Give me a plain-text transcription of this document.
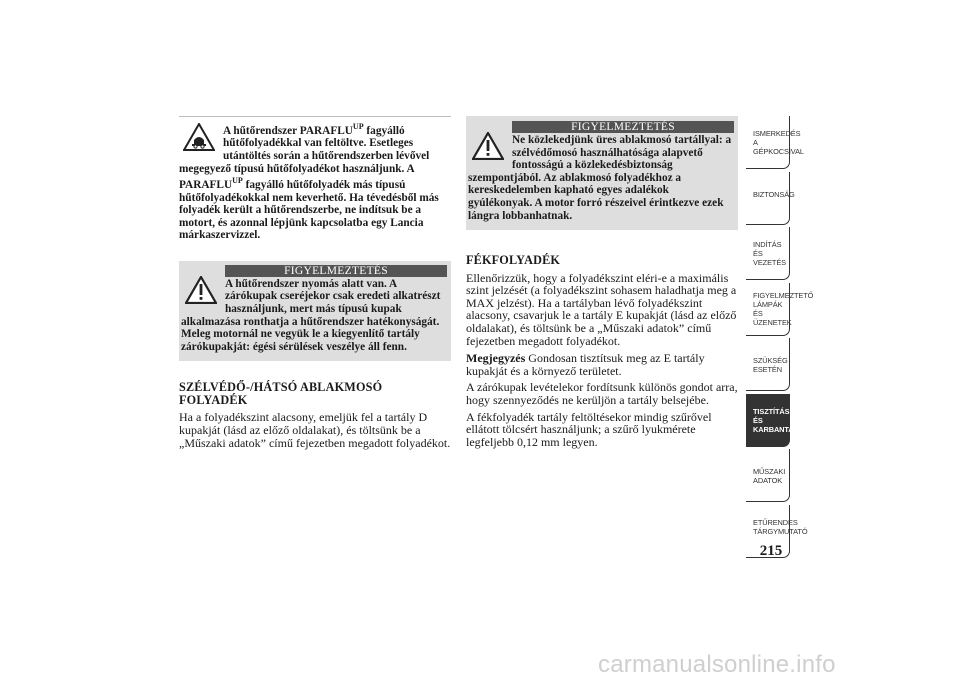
A hűtőrendszer $PARAFLU^{UP}$ fagyálló hűtőfolyadékkal van feltöltve. Esetleges utántöltés során a hűtőrendszerben lévővel megegyező típusú hűtőfolyadékot használjunk. A $PARAFLU^{UP}$ fagyálló hűtőfolyadék más típusú hűtőfolyadékokkal nem keverhető. Ha tévedésből más folyadék került a hűtőrendszerbe, ne indítsuk be a motort, és azonnal lépjünk kapcsolatba egy Lancia márkaszervizzel.
FIGYELMEZTETÉS
A hűtőrendszer nyomás alatt van. A zárókupak cseréjekor csak eredeti alkatrészt használjunk, mert más típusú kupak alkalmazása ronthatja a hűtőrendszer hatékonyságát. Meleg motornál ne vegyük le a kiegyenlítő tartály zárókupakját: égési sérülések veszélye áll fenn.
SZÉLVÉDŐ-/HÁTSÓ ABLAKMOSÓ FOLYADÉK
Ha a folyadékszint alacsony, emeljük fel a tartály D kupakját (lásd az előző oldalakat), és töltsünk be a „Műszaki adatok” című fejezetben megadott folyadékot.
FIGYELMEZTETÉS
Ne közlekedjünk üres ablakmosó tartállyal: a szélvédőmosó használhatósága alapvető fontosságú a közlekedésbiztonság szempontjából. Az ablakmosó folyadékhoz a kereskedelemben kapható egyes adalékok gyúlékonyak. A motor forró részeivel érintkezve ezek lángra lobbanhatnak.
FÉKFOLYADÉK
Ellenőrizzük, hogy a folyadékszint eléri-e a maximális szint jelzését (a folyadékszint sohasem haladhatja meg a MAX jelzést). Ha a tartályban lévő folyadékszint alacsony, csavarjuk le a tartály E kupakját (lásd az előző oldalakat), és töltsünk be a „Műszaki adatok” című fejezetben megadott folyadékot.
Megjegyzés Gondosan tisztítsuk meg az E tartály kupakját és a környező területet.
A zárókupak levételekor fordítsunk különös gondot arra, hogy szennyeződés ne kerüljön a tartály belsejébe.
A fékfolyadék tartály feltöltésekor mindig szűrővel ellátott tölcsért használjunk; a szűrő lyukmérete legfeljebb 0,12 mm legyen.
ISMERKEDÉS A
GÉPKOCSIVAL
BIZTONSÁG
INDÍTÁS ÉS
VEZETÉS
FIGYELMEZTETŐ
LÁMPÁK ÉS
ÜZENETEK
SZÜKSÉG ESETÉN
TISZTÍTÁS ÉS
KARBANTARTÁS
MŰSZAKI ADATOK
ETŰRENDES
TÁRGYMUTATÓ
215
carmanualsonline.info
